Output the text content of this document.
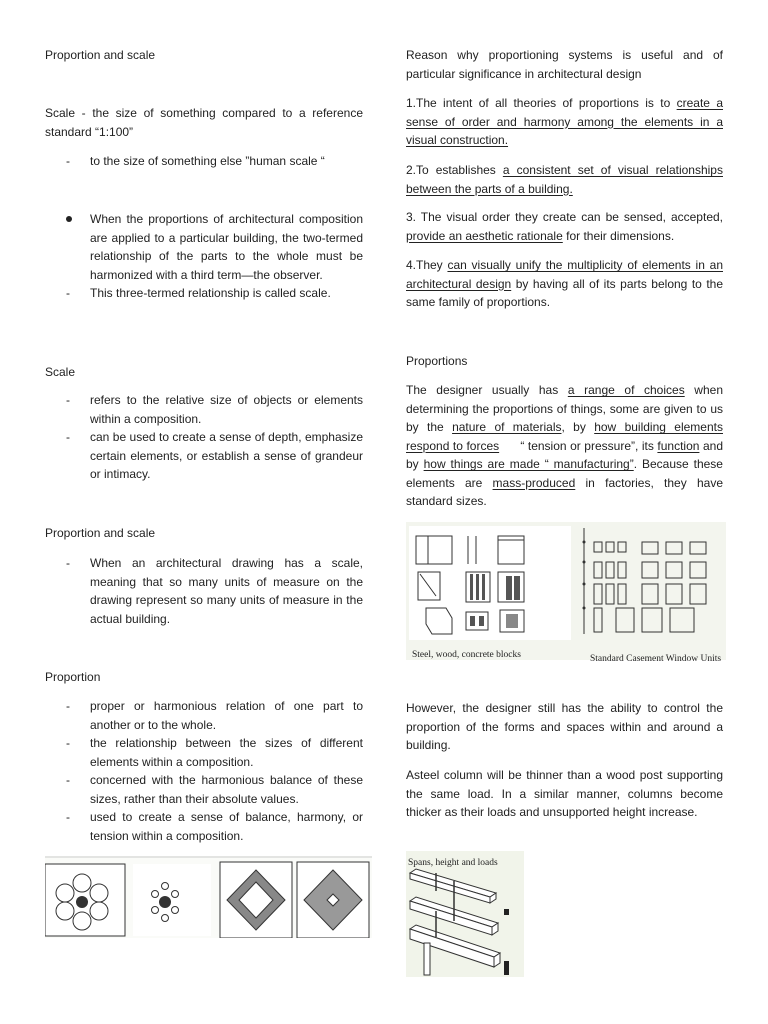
Proportion and scale
Scale - the size of something compared to a reference standard “1:100”
- to the size of something else ”human scale “
When the proportions of architectural composition are applied to a particular building, the two-termed relationship of the parts to the whole must be harmonized with a third term—the observer.
- This three-termed relationship is called scale.
Scale
- refers to the relative size of objects or elements within a composition.
- can be used to create a sense of depth, emphasize certain elements, or establish a sense of grandeur or intimacy.
Proportion and scale
- When an architectural drawing has a scale, meaning that so many units of measure on the drawing represent so many units of measure in the actual building.
Proportion
- proper or harmonious relation of one part to another or to the whole.
- the relationship between the sizes of different elements within a composition.
- concerned with the harmonious balance of these sizes, rather than their absolute values.
- used to create a sense of balance, harmony, or tension within a composition.
Reason why proportioning systems is useful and of particular significance in architectural design
1.The intent of all theories of proportions is to create a sense of order and harmony among the elements in a visual construction.
2.To establishes a consistent set of visual relationships between the parts of a building.
3. The visual order they create can be sensed, accepted, provide an aesthetic rationale for their dimensions.
4.They can visually unify the multiplicity of elements in an architectural design by having all of its parts belong to the same family of proportions.
Proportions
The designer usually has a range of choices when determining the proportions of things, some are given to us by the nature of materials, by how building elements respond to forces      “ tension or pressure”, its function and by how things are made “ manufacturing”. Because these elements are mass-produced in factories, they have standard sizes.
However, the designer still has the ability to control the proportion of the forms and spaces within and around a building.
Asteel column will be thinner than a wood post supporting the same load. In a similar manner, columns become thicker as their loads and unsupported height increase.
Steel, wood, concrete blocks	Standard Casement Window Units
Spans, height and loads
